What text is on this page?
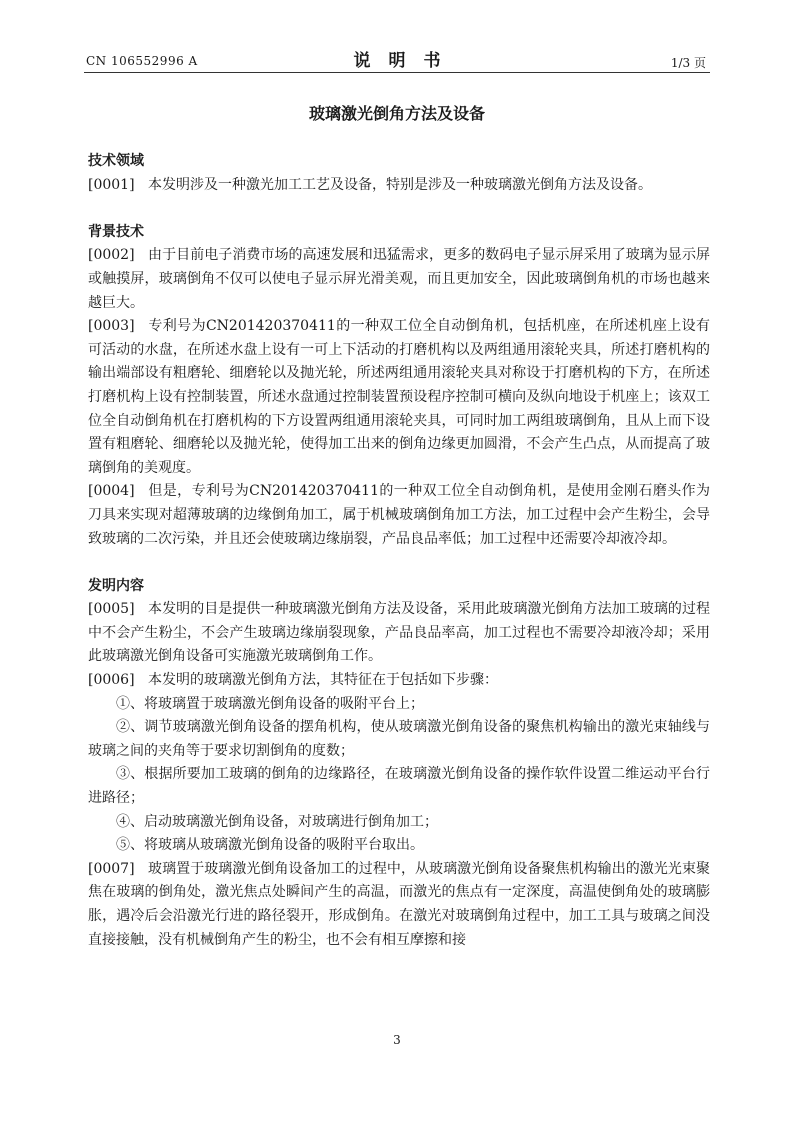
CN 106552996 A	说明书	1/3 页
玻璃激光倒角方法及设备

技术领域

[0001] 本发明涉及一种激光加工工艺及设备，特别是涉及一种玻璃激光倒角方法及设备。

背景技术

[0002] 由于目前电子消费市场的高速发展和迅猛需求，更多的数码电子显示屏采用了玻璃为显示屏或触摸屏，玻璃倒角不仅可以使电子显示屏光滑美观，而且更加安全，因此玻璃倒角机的市场也越来越巨大。

[0003] 专利号为CN201420370411的一种双工位全自动倒角机，包括机座，在所述机座上设有可活动的水盘，在所述水盘上设有一可上下活动的打磨机构以及两组通用滚轮夹具，所述打磨机构的输出端部设有粗磨轮、细磨轮以及抛光轮，所述两组通用滚轮夹具对称设于打磨机构的下方，在所述打磨机构上设有控制装置，所述水盘通过控制装置预设程序控制可横向及纵向地设于机座上；该双工位全自动倒角机在打磨机构的下方设置两组通用滚轮夹具，可同时加工两组玻璃倒角，且从上而下设置有粗磨轮、细磨轮以及抛光轮，使得加工出来的倒角边缘更加圆滑，不会产生凸点，从而提高了玻璃倒角的美观度。

[0004] 但是，专利号为CN201420370411的一种双工位全自动倒角机，是使用金刚石磨头作为刀具来实现对超薄玻璃的边缘倒角加工，属于机械玻璃倒角加工方法，加工过程中会产生粉尘，会导致玻璃的二次污染，并且还会使玻璃边缘崩裂，产品良品率低；加工过程中还需要冷却液冷却。

发明内容

[0005] 本发明的目是提供一种玻璃激光倒角方法及设备，采用此玻璃激光倒角方法加工玻璃的过程中不会产生粉尘，不会产生玻璃边缘崩裂现象，产品良品率高，加工过程也不需要冷却液冷却；采用此玻璃激光倒角设备可实施激光玻璃倒角工作。

[0006] 本发明的玻璃激光倒角方法，其特征在于包括如下步骤：

①、将玻璃置于玻璃激光倒角设备的吸附平台上；

②、调节玻璃激光倒角设备的摆角机构，使从玻璃激光倒角设备的聚焦机构输出的激光束轴线与玻璃之间的夹角等于要求切割倒角的度数；

③、根据所要加工玻璃的倒角的边缘路径，在玻璃激光倒角设备的操作软件设置二维运动平台行进路径；

④、启动玻璃激光倒角设备，对玻璃进行倒角加工；

⑤、将玻璃从玻璃激光倒角设备的吸附平台取出。

[0007] 玻璃置于玻璃激光倒角设备加工的过程中，从玻璃激光倒角设备聚焦机构输出的激光光束聚焦在玻璃的倒角处，激光焦点处瞬间产生的高温，而激光的焦点有一定深度，高温使倒角处的玻璃膨胀，遇冷后会沿激光行进的路径裂开，形成倒角。在激光对玻璃倒角过程中，加工工具与玻璃之间没直接接触，没有机械倒角产生的粉尘，也不会有相互摩擦和接

3
